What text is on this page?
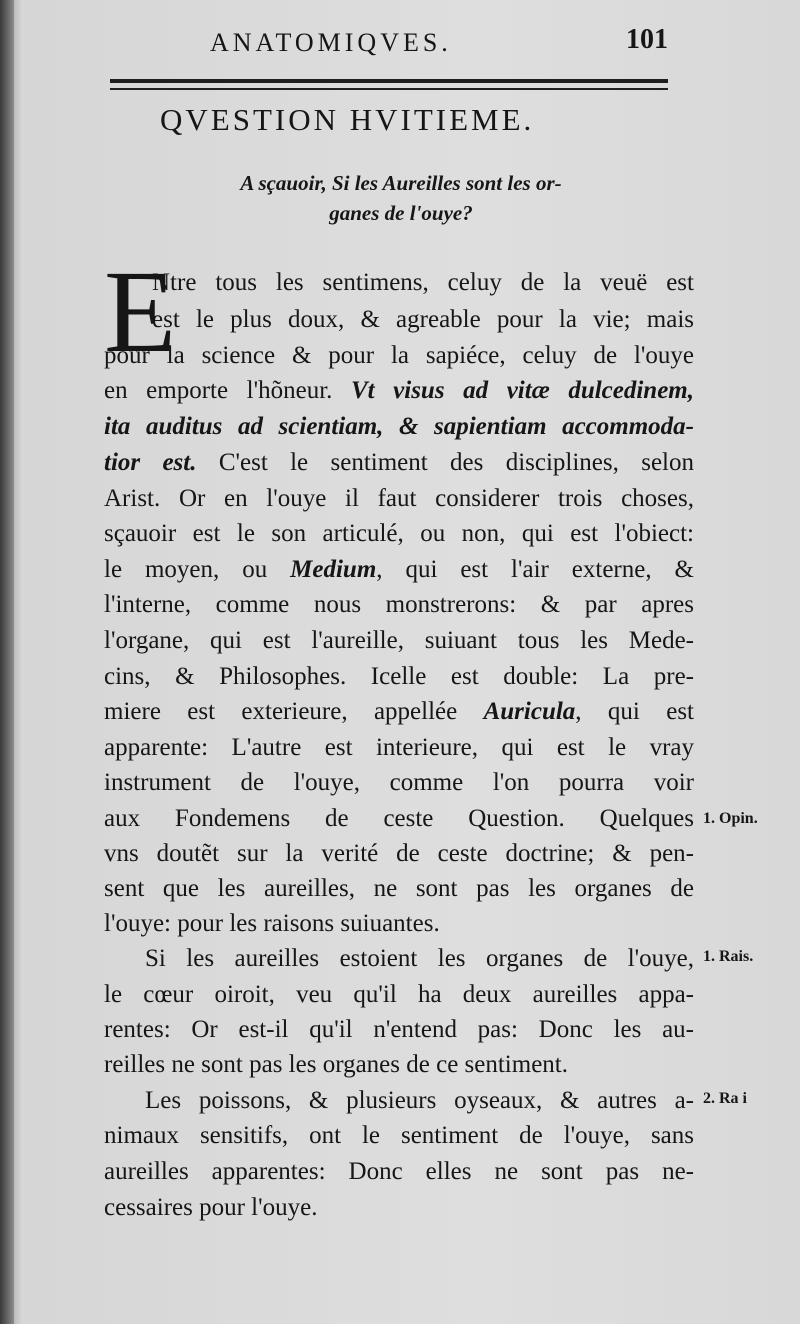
ANATOMIQVES.	101
QVESTION HVITIEME.
A sçauoir, Si les Aureilles sont les or-
ganes de l'ouye?
E
Ntre tous les sentimens, celuy de la veuë est
est le plus doux, & agreable pour la vie; mais
pour la science & pour la sapiéce, celuy de l'ouye
en emporte l'hõneur. Vt visus ad vitæ dulcedinem,
ita auditus ad scientiam, & sapientiam accommoda-
tior est. C'est le sentiment des disciplines, selon
Arist. Or en l'ouye il faut considerer trois choses,
sçauoir est le son articulé, ou non, qui est l'obiect:
le moyen, ou Medium, qui est l'air externe, &
l'interne, comme nous monstrerons: & par apres
l'organe, qui est l'aureille, suiuant tous les Mede-
cins, & Philosophes. Icelle est double: La pre-
miere est exterieure, appellée Auricula, qui est
apparente: L'autre est interieure, qui est le vray
instrument de l'ouye, comme l'on pourra voir
aux Fondemens de ceste Question. Quelques
vns doutẽt sur la verité de ceste doctrine; & pen-
sent que les aureilles, ne sont pas les organes de
l'ouye: pour les raisons suiuantes.
Si les aureilles estoient les organes de l'ouye,
le cœur oiroit, veu qu'il ha deux aureilles appa-
rentes: Or est-il qu'il n'entend pas: Donc les au-
reilles ne sont pas les organes de ce sentiment.
Les poissons, & plusieurs oyseaux, & autres a-
nimaux sensitifs, ont le sentiment de l'ouye, sans
aureilles apparentes: Donc elles ne sont pas ne-
cessaires pour l'ouye.
1. Opin.
1. Rais.
2. Ra i
